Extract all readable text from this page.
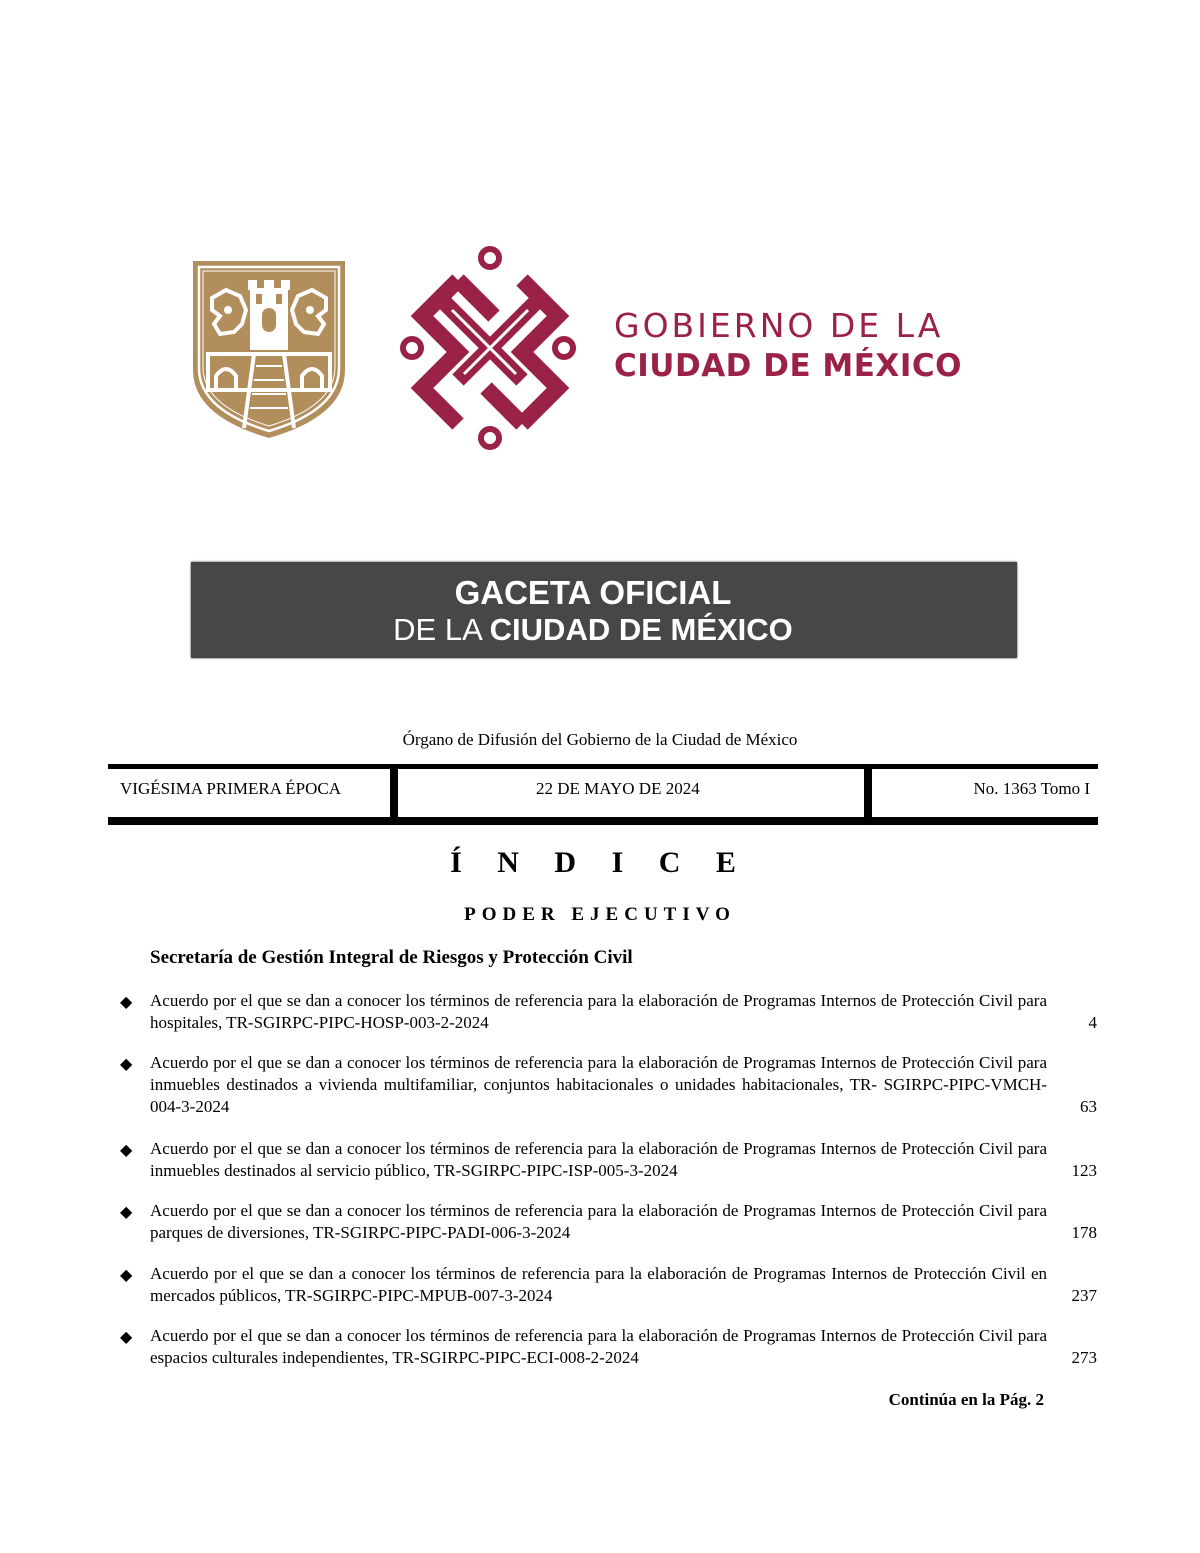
GOBIERNO DE LA
CIUDAD DE MÉXICO
GACETA OFICIAL
DE LA CIUDAD DE MÉXICO
Órgano de Difusión del Gobierno de la Ciudad de México
VIGÉSIMA PRIMERA ÉPOCA	22 DE MAYO DE 2024	No. 1363 Tomo I
Í N D I C E
PODER EJECUTIVO
Secretaría de Gestión Integral de Riesgos y Protección Civil
◆ Acuerdo por el que se dan a conocer los términos de referencia para la elaboración de Programas Internos de Protección Civil para hospitales, TR-SGIRPC-PIPC-HOSP-003-2-2024	4
◆ Acuerdo por el que se dan a conocer los términos de referencia para la elaboración de Programas Internos de Protección Civil para inmuebles destinados a vivienda multifamiliar, conjuntos habitacionales o unidades habitacionales, TR- SGIRPC-PIPC-VMCH-004-3-2024	63
◆ Acuerdo por el que se dan a conocer los términos de referencia para la elaboración de Programas Internos de Protección Civil para inmuebles destinados al servicio público, TR-SGIRPC-PIPC-ISP-005-3-2024	123
◆ Acuerdo por el que se dan a conocer los términos de referencia para la elaboración de Programas Internos de Protección Civil para parques de diversiones, TR-SGIRPC-PIPC-PADI-006-3-2024	178
◆ Acuerdo por el que se dan a conocer los términos de referencia para la elaboración de Programas Internos de Protección Civil en mercados públicos, TR-SGIRPC-PIPC-MPUB-007-3-2024	237
◆ Acuerdo por el que se dan a conocer los términos de referencia para la elaboración de Programas Internos de Protección Civil para espacios culturales independientes, TR-SGIRPC-PIPC-ECI-008-2-2024	273
Continúa en la Pág. 2
